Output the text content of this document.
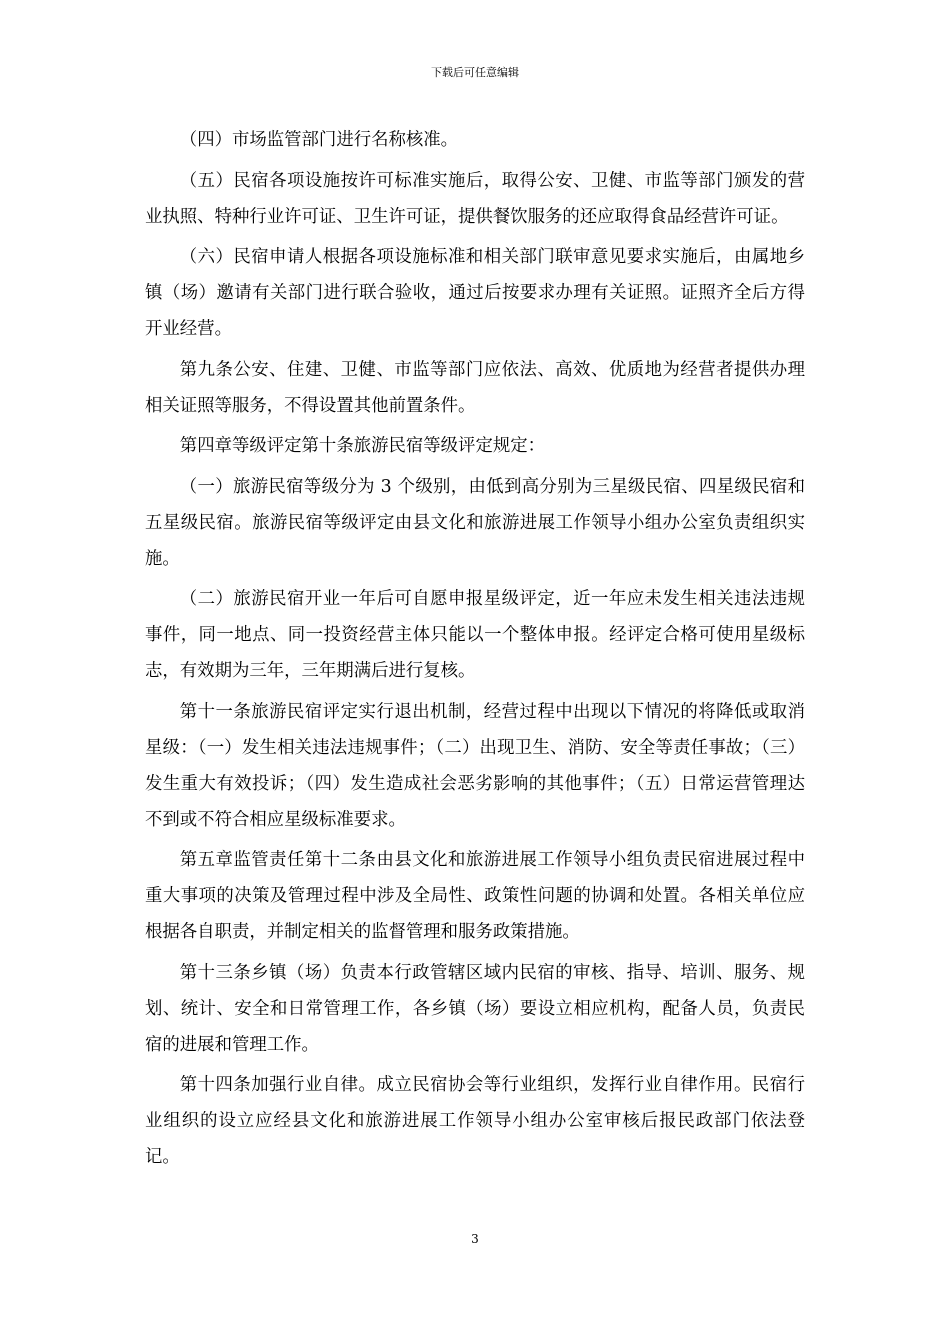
下载后可任意编辑

（四）市场监管部门进行名称核准。

（五）民宿各项设施按许可标准实施后，取得公安、卫健、市监等部门颁发的营业执照、特种行业许可证、卫生许可证，提供餐饮服务的还应取得食品经营许可证。

（六）民宿申请人根据各项设施标准和相关部门联审意见要求实施后，由属地乡镇（场）邀请有关部门进行联合验收，通过后按要求办理有关证照。证照齐全后方得开业经营。

第九条公安、住建、卫健、市监等部门应依法、高效、优质地为经营者提供办理相关证照等服务，不得设置其他前置条件。

第四章等级评定第十条旅游民宿等级评定规定：

（一）旅游民宿等级分为 3 个级别，由低到高分别为三星级民宿、四星级民宿和五星级民宿。旅游民宿等级评定由县文化和旅游进展工作领导小组办公室负责组织实施。

（二）旅游民宿开业一年后可自愿申报星级评定，近一年应未发生相关违法违规事件，同一地点、同一投资经营主体只能以一个整体申报。经评定合格可使用星级标志，有效期为三年，三年期满后进行复核。

第十一条旅游民宿评定实行退出机制，经营过程中出现以下情况的将降低或取消星级：（一）发生相关违法违规事件；（二）出现卫生、消防、安全等责任事故；（三）发生重大有效投诉；（四）发生造成社会恶劣影响的其他事件；（五）日常运营管理达不到或不符合相应星级标准要求。

第五章监管责任第十二条由县文化和旅游进展工作领导小组负责民宿进展过程中重大事项的决策及管理过程中涉及全局性、政策性问题的协调和处置。各相关单位应根据各自职责，并制定相关的监督管理和服务政策措施。

第十三条乡镇（场）负责本行政管辖区域内民宿的审核、指导、培训、服务、规划、统计、安全和日常管理工作，各乡镇（场）要设立相应机构，配备人员，负责民宿的进展和管理工作。

第十四条加强行业自律。成立民宿协会等行业组织，发挥行业自律作用。民宿行业组织的设立应经县文化和旅游进展工作领导小组办公室审核后报民政部门依法登记。

3
